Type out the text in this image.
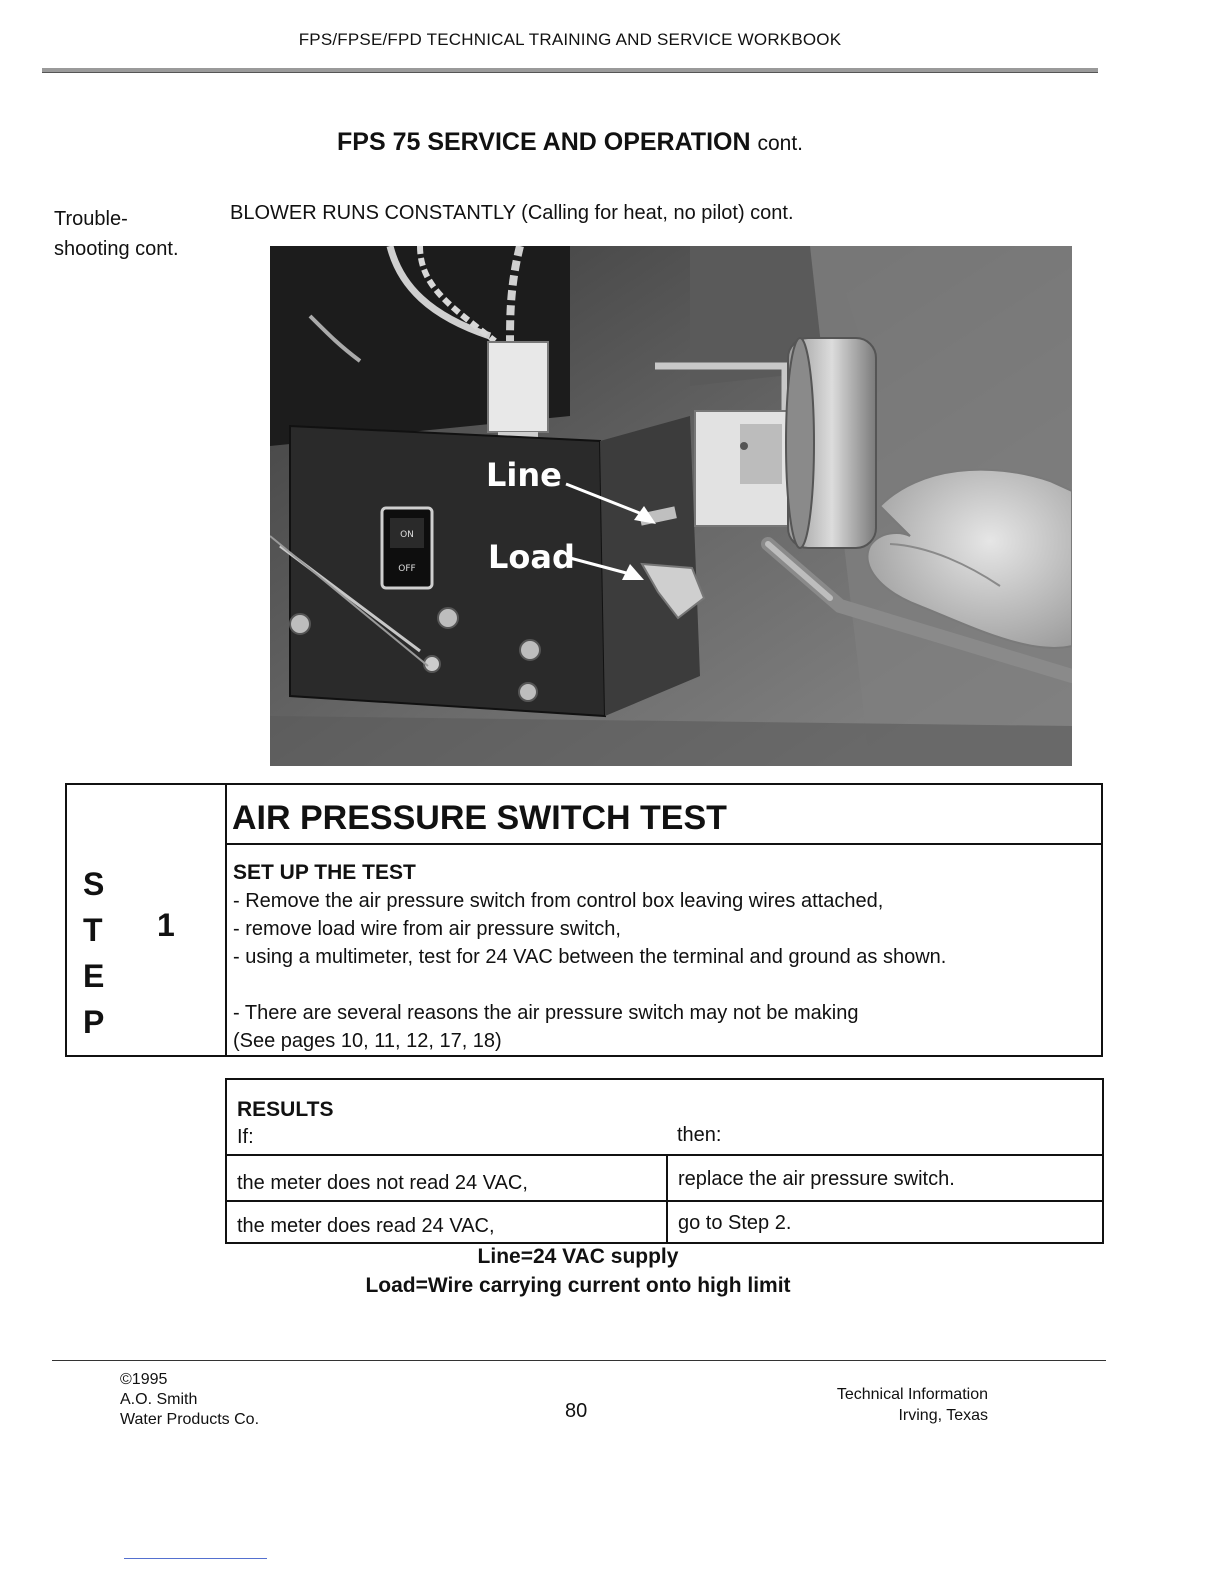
FPS/FPSE/FPD TECHNICAL TRAINING AND SERVICE WORKBOOK
FPS 75 SERVICE AND OPERATION cont.
Trouble-
shooting cont.
BLOWER RUNS CONSTANTLY (Calling for heat, no pilot) cont.
ON
OFF
Line
Load
S
T
E
P
1
AIR PRESSURE SWITCH TEST

SET UP THE TEST

- Remove the air pressure switch from control box leaving wires attached,

- remove load wire from air pressure switch,

- using a multimeter, test for 24 VAC between the terminal and ground as shown.

- There are several reasons the air pressure switch may not be making

(See pages 10, 11, 12, 17, 18)

RESULTS
If:	then:
the meter does not read 24 VAC,	replace the air pressure switch.
the meter does read 24 VAC,	go to Step 2.
Line=24 VAC supply
Load=Wire carrying current onto high limit
©1995
A.O. Smith
Water Products Co.	80
Technical Information
Irving, Texas
